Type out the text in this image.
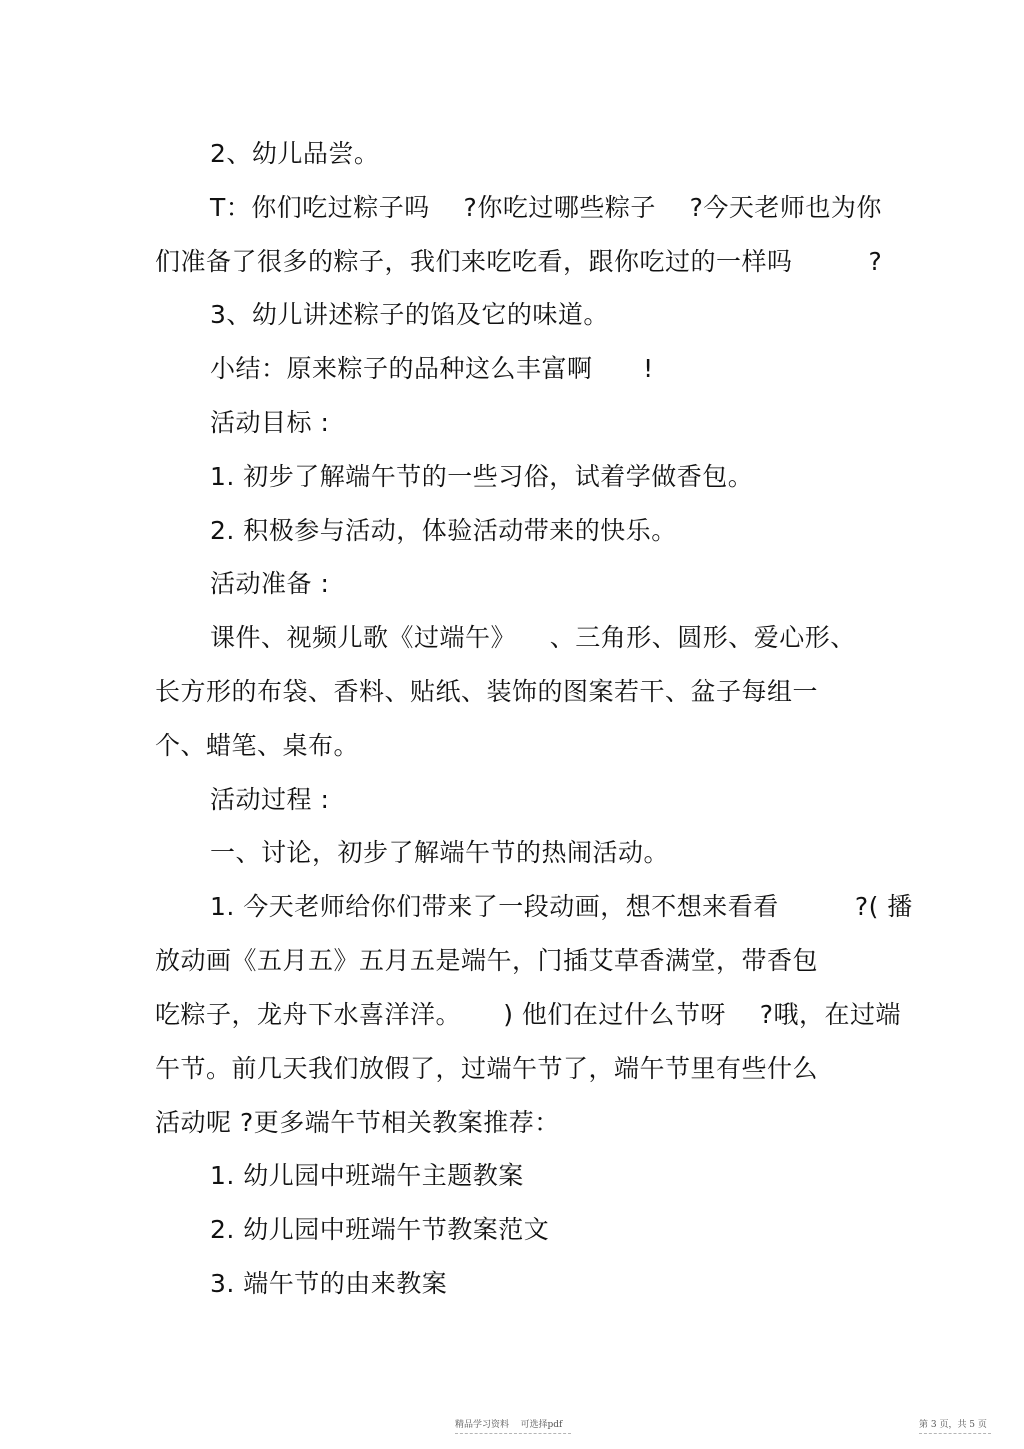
2、幼儿品尝。
T：你们吃过粽子吗    ?你吃过哪些粽子    ?今天老师也为你
们准备了很多的粽子，我们来吃吃看，跟你吃过的一样吗         ?
3、幼儿讲述粽子的馅及它的味道。
小结：原来粽子的品种这么丰富啊      !
活动目标 :
1. 初步了解端午节的一些习俗，试着学做香包。
2. 积极参与活动，体验活动带来的快乐。
活动准备 :
课件、视频儿歌《过端午》    、三角形、圆形、爱心形、
长方形的布袋、香料、贴纸、装饰的图案若干、盆子每组一
个、蜡笔、桌布。
活动过程 :
一、讨论，初步了解端午节的热闹活动。
1. 今天老师给你们带来了一段动画，想不想来看看         ?( 播
放动画《五月五》五月五是端午，门插艾草香满堂，带香包
吃粽子，龙舟下水喜洋洋。     ) 他们在过什么节呀    ?哦，在过端
午节。前几天我们放假了，过端午节了，端午节里有些什么
活动呢 ?更多端午节相关教案推荐：
1. 幼儿园中班端午主题教案
2. 幼儿园中班端午节教案范文
3. 端午节的由来教案
精品学习资料    可选择pdf	第 3 页，共 5 页
